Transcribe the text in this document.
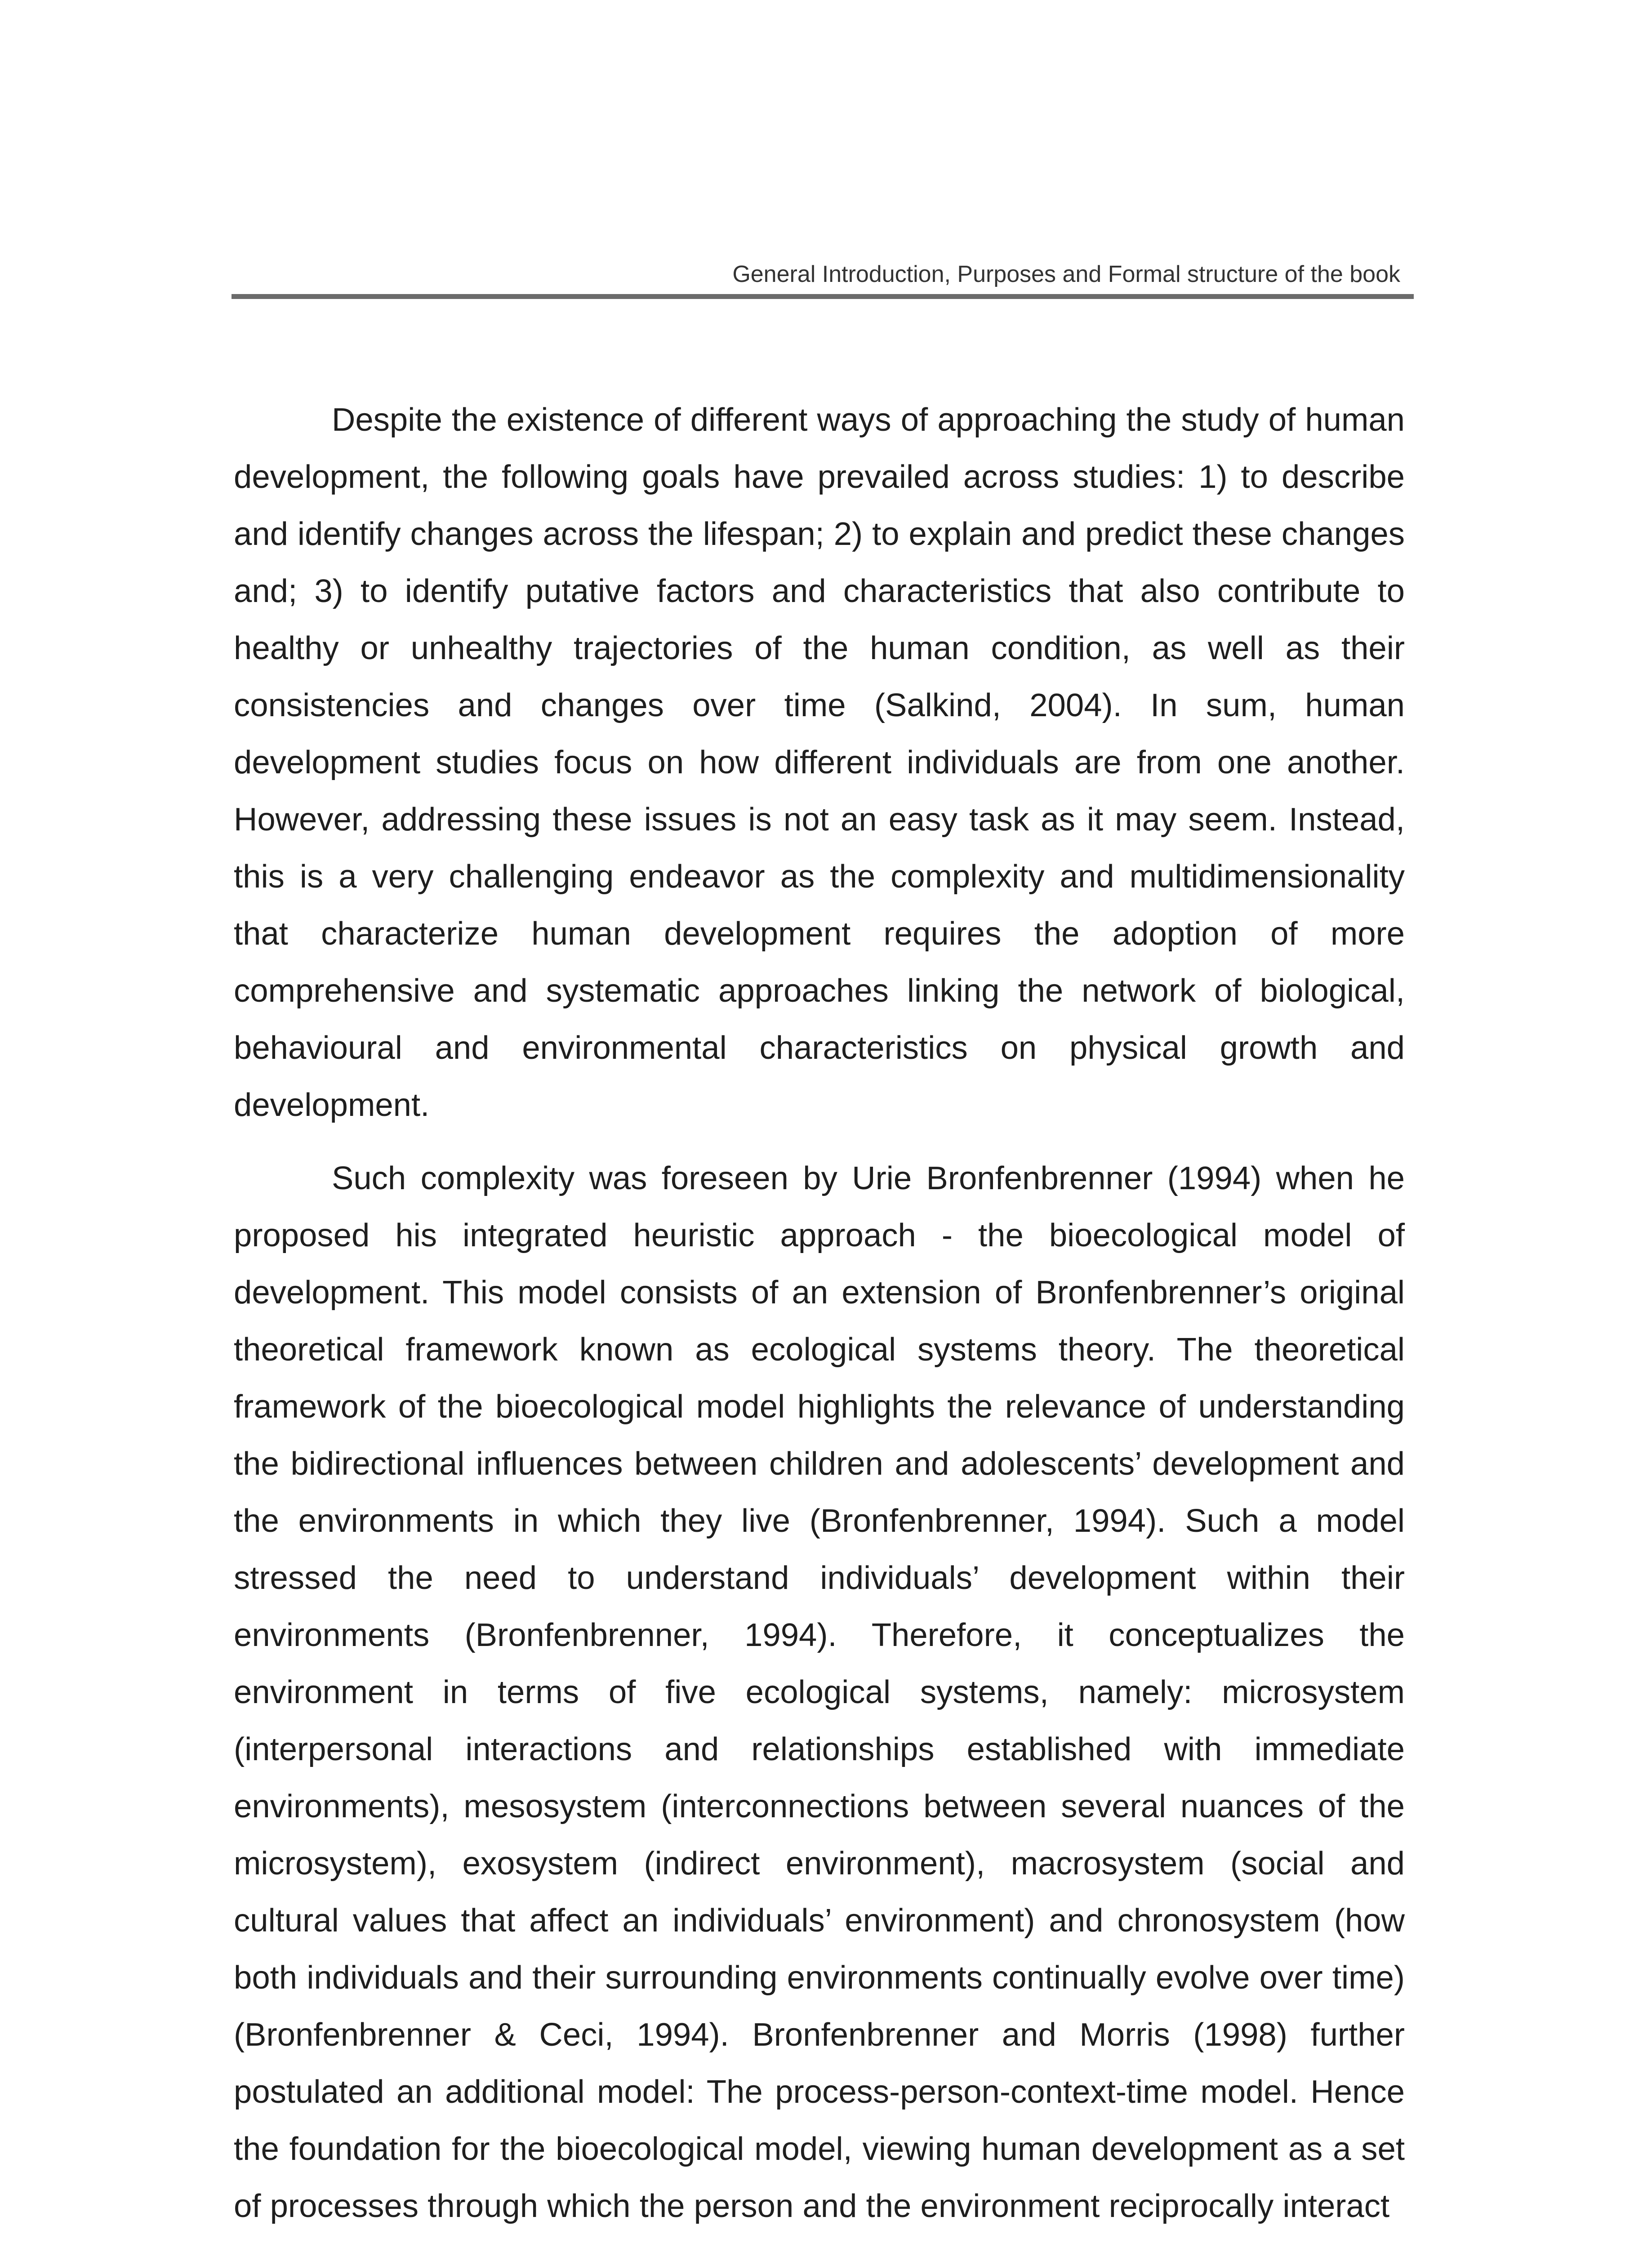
General Introduction, Purposes and Formal structure of the book

Despite the existence of different ways of approaching the study of human development, the following goals have prevailed across studies: 1) to describe and identify changes across the lifespan; 2) to explain and predict these changes and; 3) to identify putative factors and characteristics that also contribute to healthy or unhealthy trajectories of the human condition, as well as their consistencies and changes over time (Salkind, 2004). In sum, human development studies focus on how different individuals are from one another. However, addressing these issues is not an easy task as it may seem. Instead, this is a very challenging endeavor as the complexity and multidimensionality that characterize human development requires the adoption of more comprehensive and systematic approaches linking the network of biological, behavioural and environmental characteristics on physical growth and development.

Such complexity was foreseen by Urie Bronfenbrenner (1994) when he proposed his integrated heuristic approach - the bioecological model of development. This model consists of an extension of Bronfenbrenner’s original theoretical framework known as ecological systems theory. The theoretical framework of the bioecological model highlights the relevance of understanding the bidirectional influences between children and adolescents’ development and the environments in which they live (Bronfenbrenner, 1994). Such a model stressed the need to understand individuals’ development within their environments (Bronfenbrenner, 1994). Therefore, it conceptualizes the environment in terms of five ecological systems, namely: microsystem (interpersonal interactions and relationships established with immediate environments), mesosystem (interconnections between several nuances of the microsystem), exosystem (indirect environment), macrosystem (social and cultural values that affect an individuals’ environment) and chronosystem (how both individuals and their surrounding environments continually evolve over time) (Bronfenbrenner & Ceci, 1994). Bronfenbrenner and Morris (1998) further postulated an additional model: The process-person-context-time model. Hence the foundation for the bioecological model, viewing human development as a set of processes through which the person and the environment reciprocally interact
